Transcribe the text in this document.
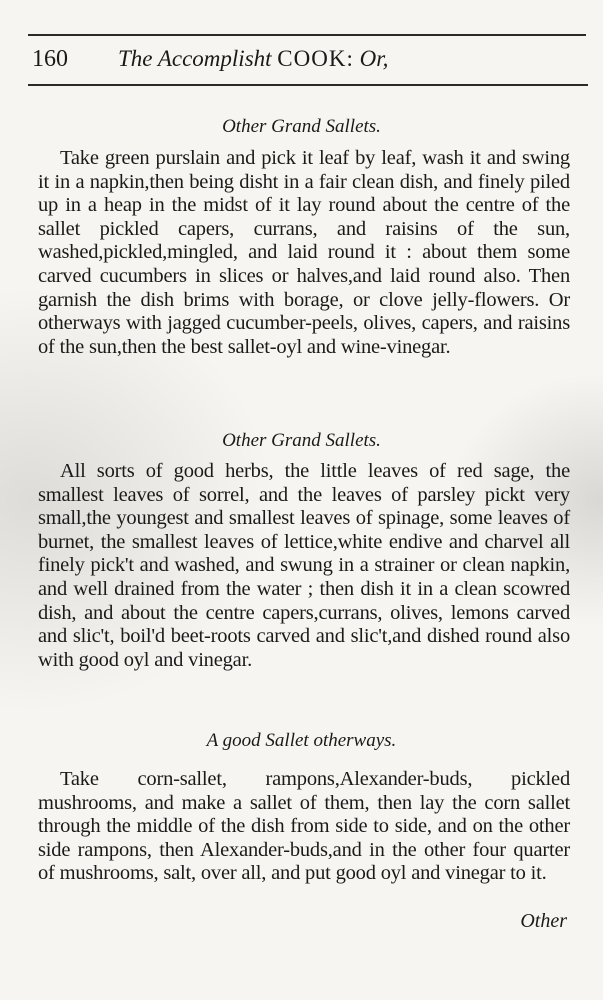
160 The Accomplisht COOK: Or,
Other Grand Sallets.
Take green purslain and pick it leaf by leaf, wash it and swing it in a napkin,then being disht in a fair clean dish, and finely piled up in a heap in the midst of it lay round about the centre of the sallet pickled capers, currans, and raisins of the sun, washed,pickled,mingled, and laid round it : about them some carved cucumbers in slices or halves,and laid round also. Then garnish the dish brims with borage, or clove jelly-flowers. Or otherways with jagged cucumber-peels, olives, capers, and raisins of the sun,then the best sallet-oyl and wine-vinegar.
Other Grand Sallets.
All sorts of good herbs, the little leaves of red sage, the smallest leaves of sorrel, and the leaves of parsley pickt very small,the youngest and smallest leaves of spinage, some leaves of burnet, the smallest leaves of lettice,white endive and charvel all finely pick't and washed, and swung in a strainer or clean napkin, and well drained from the water ; then dish it in a clean scowred dish, and about the centre capers,currans, olives, lemons carved and slic't, boil'd beet-roots carved and slic't,and dished round also with good oyl and vinegar.
A good Sallet otherways.
Take corn-sallet, rampons,Alexander-buds, pickled mushrooms, and make a sallet of them, then lay the corn sallet through the middle of the dish from side to side, and on the other side rampons, then Alexander-buds,and in the other four quarter of mushrooms, salt, over all, and put good oyl and vinegar to it.
Other
